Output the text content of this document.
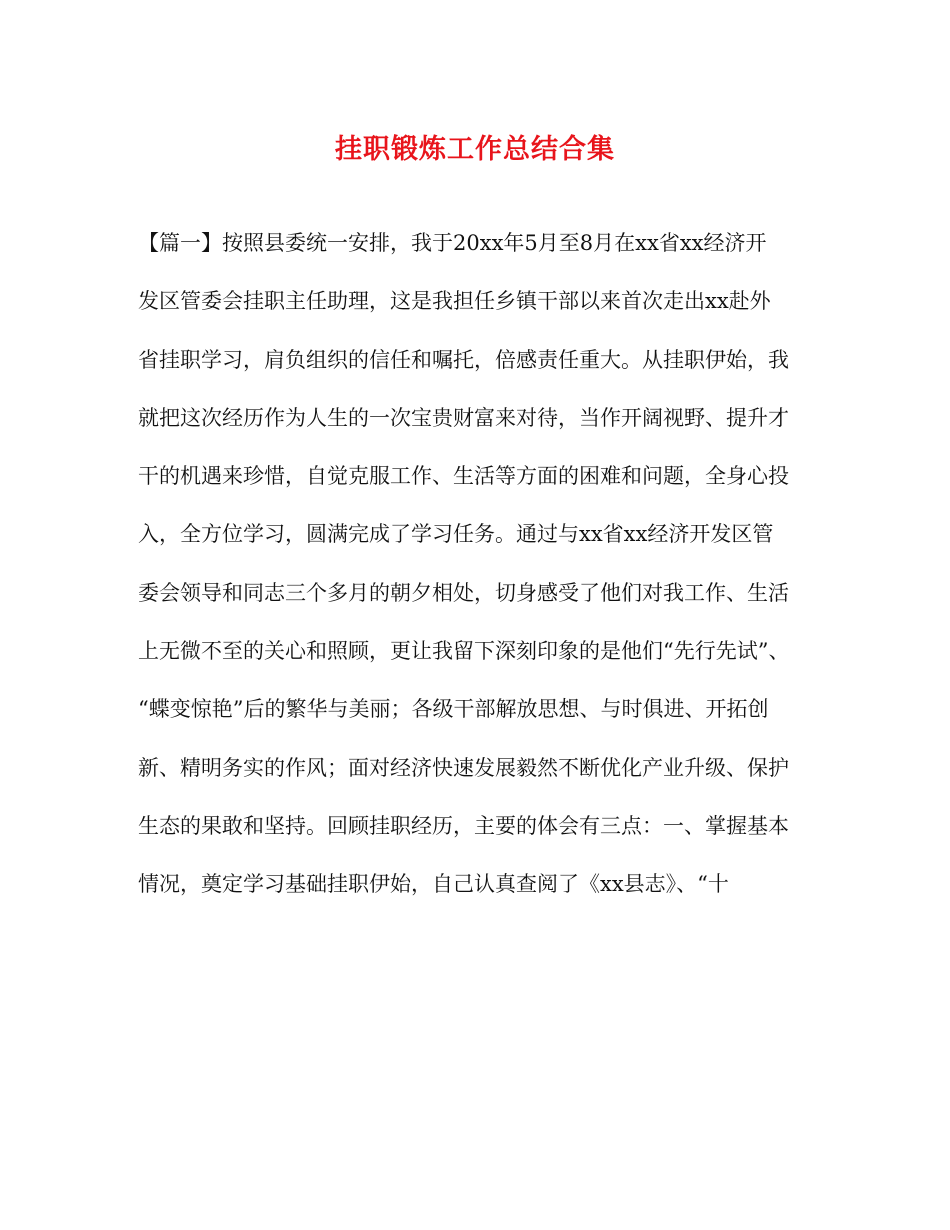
挂职锻炼工作总结合集
【篇一】按照县委统一安排，我于20xx年5月至8月在xx省xx经济开
发区管委会挂职主任助理，这是我担任乡镇干部以来首次走出xx赴外
省挂职学习，肩负组织的信任和嘱托，倍感责任重大。从挂职伊始，我
就把这次经历作为人生的一次宝贵财富来对待，当作开阔视野、提升才
干的机遇来珍惜，自觉克服工作、生活等方面的困难和问题，全身心投
入，全方位学习，圆满完成了学习任务。通过与xx省xx经济开发区管
委会领导和同志三个多月的朝夕相处，切身感受了他们对我工作、生活
上无微不至的关心和照顾，更让我留下深刻印象的是他们“先行先试”、
“蝶变惊艳”后的繁华与美丽；各级干部解放思想、与时俱进、开拓创
新、精明务实的作风；面对经济快速发展毅然不断优化产业升级、保护
生态的果敢和坚持。回顾挂职经历，主要的体会有三点：一、掌握基本
情况，奠定学习基础挂职伊始，自己认真查阅了《xx县志》、“十
